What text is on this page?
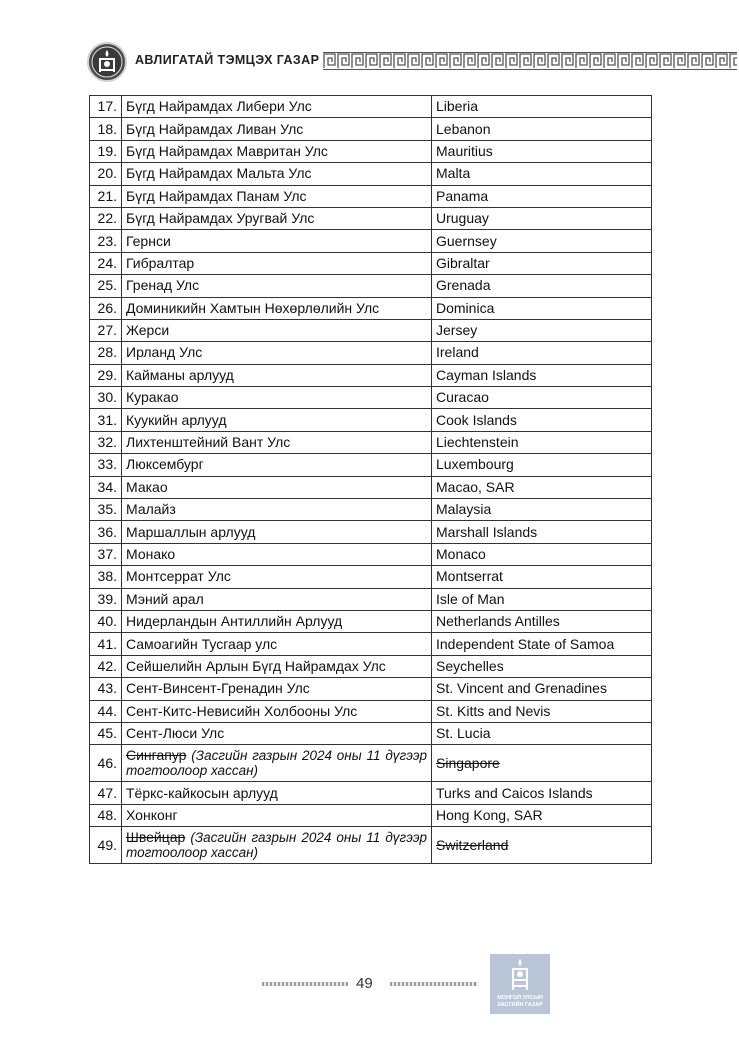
АВЛИГАТАЙ ТЭМЦЭХ ГАЗАР
17.	Бүгд Найрамдах Либери Улс	Liberia
18.	Бүгд Найрамдах Ливан Улс	Lebanon
19.	Бүгд Найрамдах Мавритан Улс	Mauritius
20.	Бүгд Найрамдах Мальта Улс	Malta
21.	Бүгд Найрамдах Панам Улс	Panama
22.	Бүгд Найрамдах Уругвай Улс	Uruguay
23.	Гернси	Guernsey
24.	Гибралтар	Gibraltar
25.	Гренад Улс	Grenada
26.	Доминикийн Хамтын Нөхөрлөлийн Улс	Dominica
27.	Жерси	Jersey
28.	Ирланд Улс	Ireland
29.	Кайманы арлууд	Cayman Islands
30.	Куракао	Curacao
31.	Куукийн арлууд	Cook Islands
32.	Лихтенштейний Вант Улс	Liechtenstein
33.	Люксембург	Luxembourg
34.	Макао	Macao, SAR
35.	Малайз	Malaysia
36.	Маршаллын арлууд	Marshall Islands
37.	Монако	Monaco
38.	Монтсеррат Улс	Montserrat
39.	Мэний арал	Isle of Man
40.	Нидерландын Антиллийн Арлууд	Netherlands Antilles
41.	Самоагийн Тусгаар улс	Independent State of Samoa
42.	Сейшелийн Арлын Бүгд Найрамдах Улс	Seychelles
43.	Сент-Винсент-Гренадин Улс	St. Vincent and Grenadines
44.	Сент-Китс-Невисийн Холбооны Улс	St. Kitts and Nevis
45.	Сент-Люси Улс	St. Lucia
46.	Сингапур (Засгийн газрын 2024 оны 11 дүгээр тогтоолоор хассан)	Singapore
47.	Тёркс-кайкосын арлууд	Turks and Caicos Islands
48.	Хонконг	Hong Kong, SAR
49.	Швейцар (Засгийн газрын 2024 оны 11 дүгээр тогтоолоор хассан)	Switzerland
49
МОНГОЛ УЛСЫН ЗАСГИЙН ГАЗАР
